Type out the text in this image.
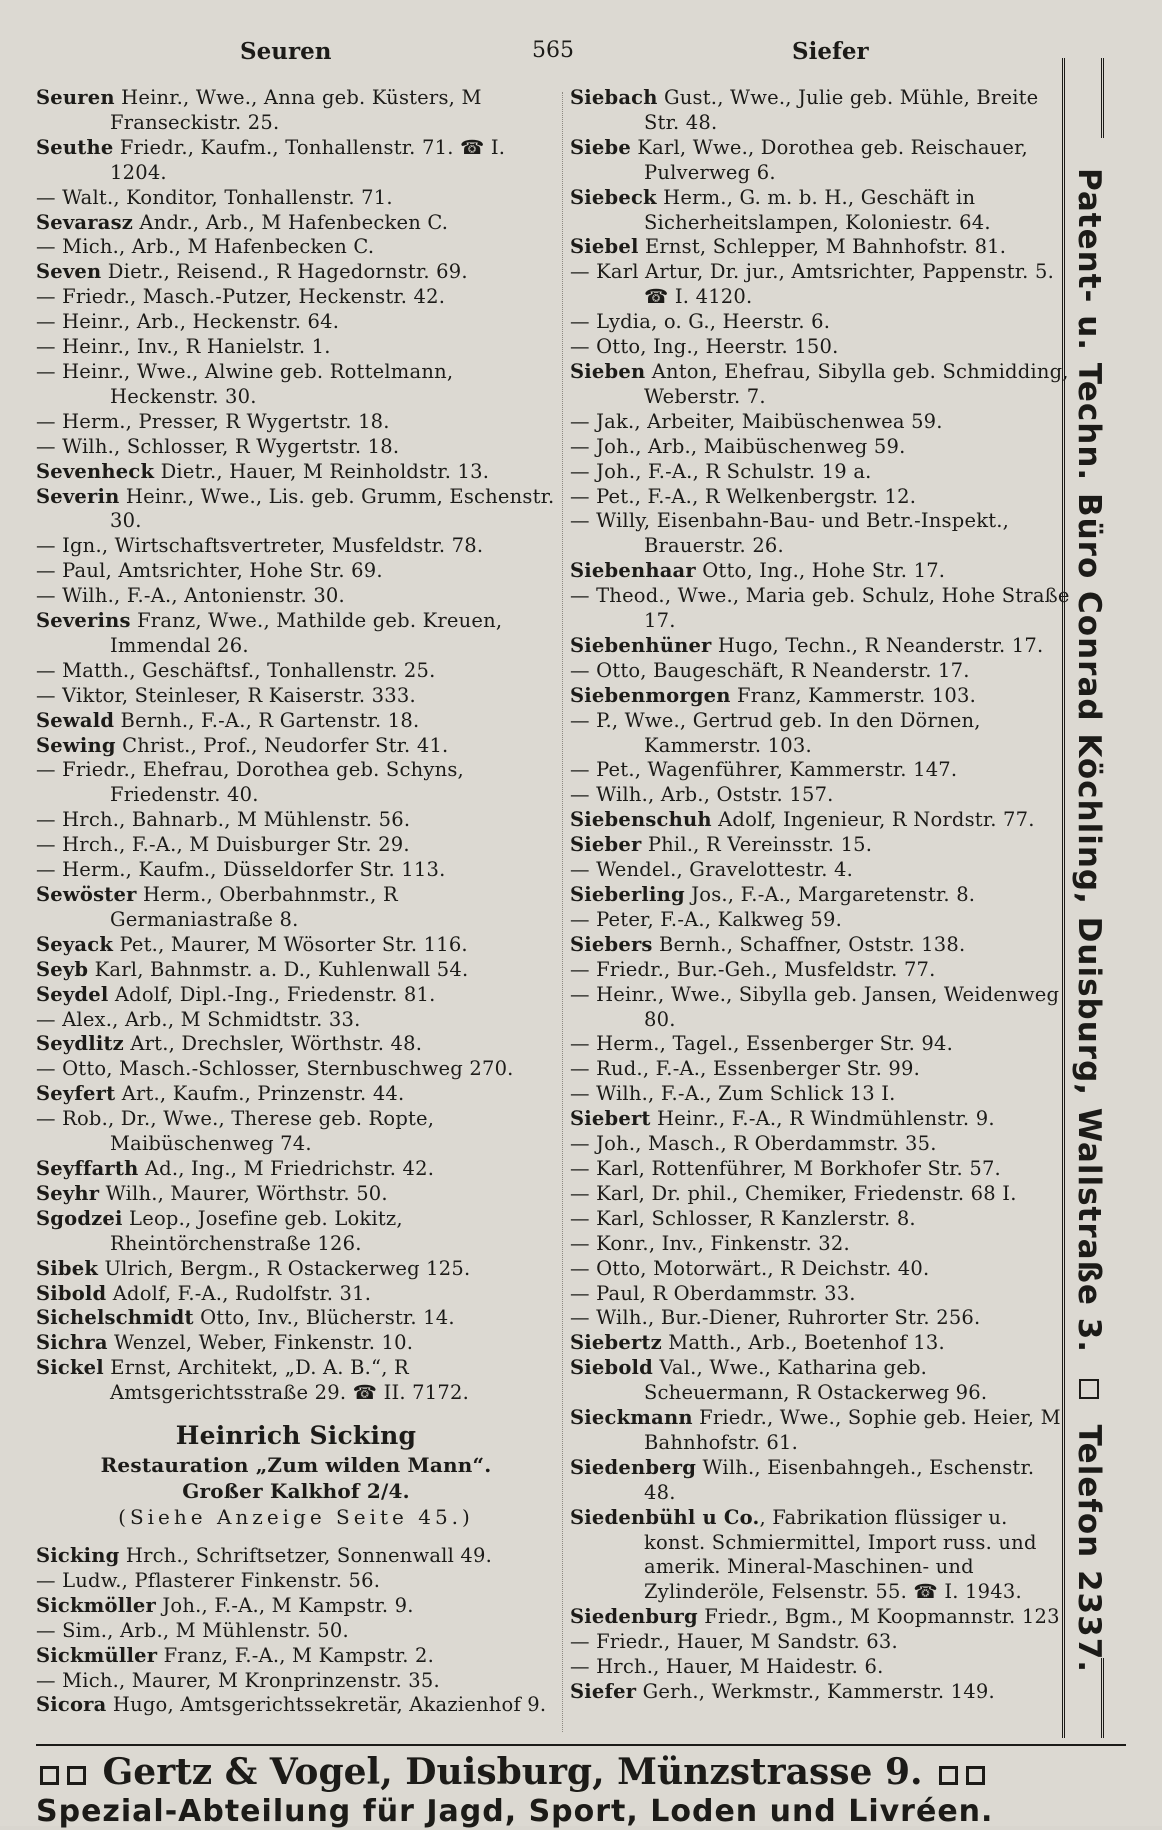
Seuren	565	Siefer

Seuren Heinr., Wwe., Anna geb. Küsters, M Franseckistr. 25.

Seuthe Friedr., Kaufm., Tonhallenstr. 71. ☎ I. 1204.

— Walt., Konditor, Tonhallenstr. 71.

Sevarasz Andr., Arb., M Hafenbecken C.

— Mich., Arb., M Hafenbecken C.

Seven Dietr., Reisend., R Hagedornstr. 69.

— Friedr., Masch.-Putzer, Heckenstr. 42.

— Heinr., Arb., Heckenstr. 64.

— Heinr., Inv., R Hanielstr. 1.

— Heinr., Wwe., Alwine geb. Rottelmann, Heckenstr. 30.

— Herm., Presser, R Wygertstr. 18.

— Wilh., Schlosser, R Wygertstr. 18.

Sevenheck Dietr., Hauer, M Reinholdstr. 13.

Severin Heinr., Wwe., Lis. geb. Grumm, Eschenstr. 30.

— Ign., Wirtschaftsvertreter, Musfeldstr. 78.

— Paul, Amtsrichter, Hohe Str. 69.

— Wilh., F.-A., Antonienstr. 30.

Severins Franz, Wwe., Mathilde geb. Kreuen, Immendal 26.

— Matth., Geschäftsf., Tonhallenstr. 25.

— Viktor, Steinleser, R Kaiserstr. 333.

Sewald Bernh., F.-A., R Gartenstr. 18.

Sewing Christ., Prof., Neudorfer Str. 41.

— Friedr., Ehefrau, Dorothea geb. Schyns, Friedenstr. 40.

— Hrch., Bahnarb., M Mühlenstr. 56.

— Hrch., F.-A., M Duisburger Str. 29.

— Herm., Kaufm., Düsseldorfer Str. 113.

Sewöster Herm., Oberbahnmstr., R Germaniastraße 8.

Seyack Pet., Maurer, M Wösorter Str. 116.

Seyb Karl, Bahnmstr. a. D., Kuhlenwall 54.

Seydel Adolf, Dipl.-Ing., Friedenstr. 81.

— Alex., Arb., M Schmidtstr. 33.

Seydlitz Art., Drechsler, Wörthstr. 48.

— Otto, Masch.-Schlosser, Sternbuschweg 270.

Seyfert Art., Kaufm., Prinzenstr. 44.

— Rob., Dr., Wwe., Therese geb. Ropte, Maibüschenweg 74.

Seyffarth Ad., Ing., M Friedrichstr. 42.

Seyhr Wilh., Maurer, Wörthstr. 50.

Sgodzei Leop., Josefine geb. Lokitz, Rheintörchenstraße 126.

Sibek Ulrich, Bergm., R Ostackerweg 125.

Sibold Adolf, F.-A., Rudolfstr. 31.

Sichelschmidt Otto, Inv., Blücherstr. 14.

Sichra Wenzel, Weber, Finkenstr. 10.

Sickel Ernst, Architekt, „D. A. B.“, R Amtsgerichtsstraße 29. ☎ II. 7172.

Heinrich Sicking
Restauration „Zum wilden Mann“.
Großer Kalkhof 2/4.
(Siehe Anzeige Seite 45.)

Sicking Hrch., Schriftsetzer, Sonnenwall 49.

— Ludw., Pflasterer Finkenstr. 56.

Sickmöller Joh., F.-A., M Kampstr. 9.

— Sim., Arb., M Mühlenstr. 50.

Sickmüller Franz, F.-A., M Kampstr. 2.

— Mich., Maurer, M Kronprinzenstr. 35.

Sicora Hugo, Amtsgerichtssekretär, Akazienhof 9.

Siebach Gust., Wwe., Julie geb. Mühle, Breite Str. 48.

Siebe Karl, Wwe., Dorothea geb. Reischauer, Pulverweg 6.

Siebeck Herm., G. m. b. H., Geschäft in Sicherheitslampen, Koloniestr. 64.

Siebel Ernst, Schlepper, M Bahnhofstr. 81.

— Karl Artur, Dr. jur., Amtsrichter, Pappenstr. 5. ☎ I. 4120.

— Lydia, o. G., Heerstr. 6.

— Otto, Ing., Heerstr. 150.

Sieben Anton, Ehefrau, Sibylla geb. Schmidding, Weberstr. 7.

— Jak., Arbeiter, Maibüschenwea 59.

— Joh., Arb., Maibüschenweg 59.

— Joh., F.-A., R Schulstr. 19 a.

— Pet., F.-A., R Welkenbergstr. 12.

— Willy, Eisenbahn-Bau- und Betr.-Inspekt., Brauerstr. 26.

Siebenhaar Otto, Ing., Hohe Str. 17.

— Theod., Wwe., Maria geb. Schulz, Hohe Straße 17.

Siebenhüner Hugo, Techn., R Neanderstr. 17.

— Otto, Baugeschäft, R Neanderstr. 17.

Siebenmorgen Franz, Kammerstr. 103.

— P., Wwe., Gertrud geb. In den Dörnen, Kammerstr. 103.

— Pet., Wagenführer, Kammerstr. 147.

— Wilh., Arb., Oststr. 157.

Siebenschuh Adolf, Ingenieur, R Nordstr. 77.

Sieber Phil., R Vereinsstr. 15.

— Wendel., Gravelottestr. 4.

Sieberling Jos., F.-A., Margaretenstr. 8.

— Peter, F.-A., Kalkweg 59.

Siebers Bernh., Schaffner, Oststr. 138.

— Friedr., Bur.-Geh., Musfeldstr. 77.

— Heinr., Wwe., Sibylla geb. Jansen, Weidenweg 80.

— Herm., Tagel., Essenberger Str. 94.

— Rud., F.-A., Essenberger Str. 99.

— Wilh., F.-A., Zum Schlick 13 I.

Siebert Heinr., F.-A., R Windmühlenstr. 9.

— Joh., Masch., R Oberdammstr. 35.

— Karl, Rottenführer, M Borkhofer Str. 57.

— Karl, Dr. phil., Chemiker, Friedenstr. 68 I.

— Karl, Schlosser, R Kanzlerstr. 8.

— Konr., Inv., Finkenstr. 32.

— Otto, Motorwärt., R Deichstr. 40.

— Paul, R Oberdammstr. 33.

— Wilh., Bur.-Diener, Ruhrorter Str. 256.

Siebertz Matth., Arb., Boetenhof 13.

Siebold Val., Wwe., Katharina geb. Scheuermann, R Ostackerweg 96.

Sieckmann Friedr., Wwe., Sophie geb. Heier, M Bahnhofstr. 61.

Siedenberg Wilh., Eisenbahngeh., Eschenstr. 48.

Siedenbühl u Co., Fabrikation flüssiger u. konst. Schmiermittel, Import russ. und amerik. Mineral-Maschinen- und Zylinderöle, Felsenstr. 55. ☎ I. 1943.

Siedenburg Friedr., Bgm., M Koopmannstr. 123

— Friedr., Hauer, M Sandstr. 63.

— Hrch., Hauer, M Haidestr. 6.

Siefer Gerh., Werkmstr., Kammerstr. 149.

Patent- u. Techn. Büro Conrad Köchling, Duisburg, Wallstraße 3.  Telefon 2337.
Gertz & Vogel, Duisburg, Münzstrasse 9.
Spezial-Abteilung für Jagd, Sport, Loden und Livréen.
